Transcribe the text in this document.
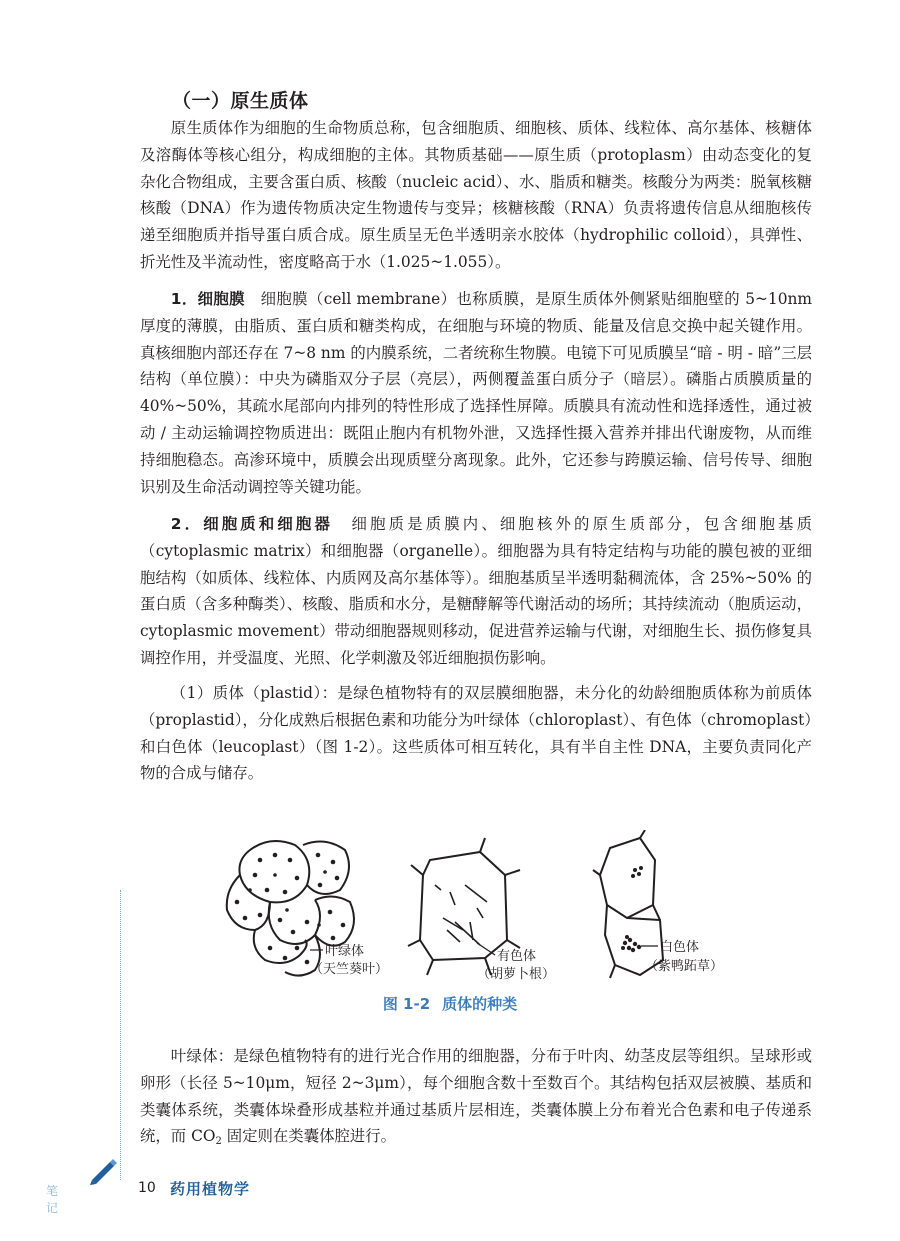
（一）原生质体

原生质体作为细胞的生命物质总称，包含细胞质、细胞核、质体、线粒体、高尔基体、核糖体及溶酶体等核心组分，构成细胞的主体。其物质基础——原生质（protoplasm）由动态变化的复杂化合物组成，主要含蛋白质、核酸（nucleic acid）、水、脂质和糖类。核酸分为两类：脱氧核糖核酸（DNA）作为遗传物质决定生物遗传与变异；核糖核酸（RNA）负责将遗传信息从细胞核传递至细胞质并指导蛋白质合成。原生质呈无色半透明亲水胶体（hydrophilic colloid），具弹性、折光性及半流动性，密度略高于水（1.025~1.055）。

1．细胞膜　 细胞膜（cell membrane）也称质膜，是原生质体外侧紧贴细胞壁的 5~10nm 厚度的薄膜，由脂质、蛋白质和糖类构成，在细胞与环境的物质、能量及信息交换中起关键作用。真核细胞内部还存在 7~8 nm 的内膜系统，二者统称生物膜。电镜下可见质膜呈“暗 - 明 - 暗”三层结构（单位膜）：中央为磷脂双分子层（亮层），两侧覆盖蛋白质分子（暗层）。磷脂占质膜质量的 40%~50%，其疏水尾部向内排列的特性形成了选择性屏障。质膜具有流动性和选择透性，通过被动 / 主动运输调控物质进出：既阻止胞内有机物外泄，又选择性摄入营养并排出代谢废物，从而维持细胞稳态。高渗环境中，质膜会出现质壁分离现象。此外，它还参与跨膜运输、信号传导、细胞识别及生命活动调控等关键功能。

2．细胞质和细胞器　 细胞质是质膜内、细胞核外的原生质部分，包含细胞基质（cytoplasmic matrix）和细胞器（organelle）。细胞器为具有特定结构与功能的膜包被的亚细胞结构（如质体、线粒体、内质网及高尔基体等）。细胞基质呈半透明黏稠流体，含 25%~50% 的蛋白质（含多种酶类）、核酸、脂质和水分，是糖酵解等代谢活动的场所；其持续流动（胞质运动，cytoplasmic movement）带动细胞器规则移动，促进营养运输与代谢，对细胞生长、损伤修复具调控作用，并受温度、光照、化学刺激及邻近细胞损伤影响。

（1）质体（plastid）：是绿色植物特有的双层膜细胞器，未分化的幼龄细胞质体称为前质体（proplastid），分化成熟后根据色素和功能分为叶绿体（chloroplast）、有色体（chromoplast）和白色体（leucoplast）（图 1-2）。这些质体可相互转化，具有半自主性 DNA，主要负责同化产物的合成与储存。

叶绿体
（天竺葵叶）
有色体
（胡萝卜根）
白色体
（紫鸭跖草）
图 1-2 质体的种类

叶绿体：是绿色植物特有的进行光合作用的细胞器，分布于叶肉、幼茎皮层等组织。呈球形或卵形（长径 5~10μm，短径 2~3μm），每个细胞含数十至数百个。其结构包括双层被膜、基质和类囊体系统，类囊体垛叠形成基粒并通过基质片层相连，类囊体膜上分布着光合色素和电子传递系统，而 CO2 固定则在类囊体腔进行。

笔记
10 药用植物学
